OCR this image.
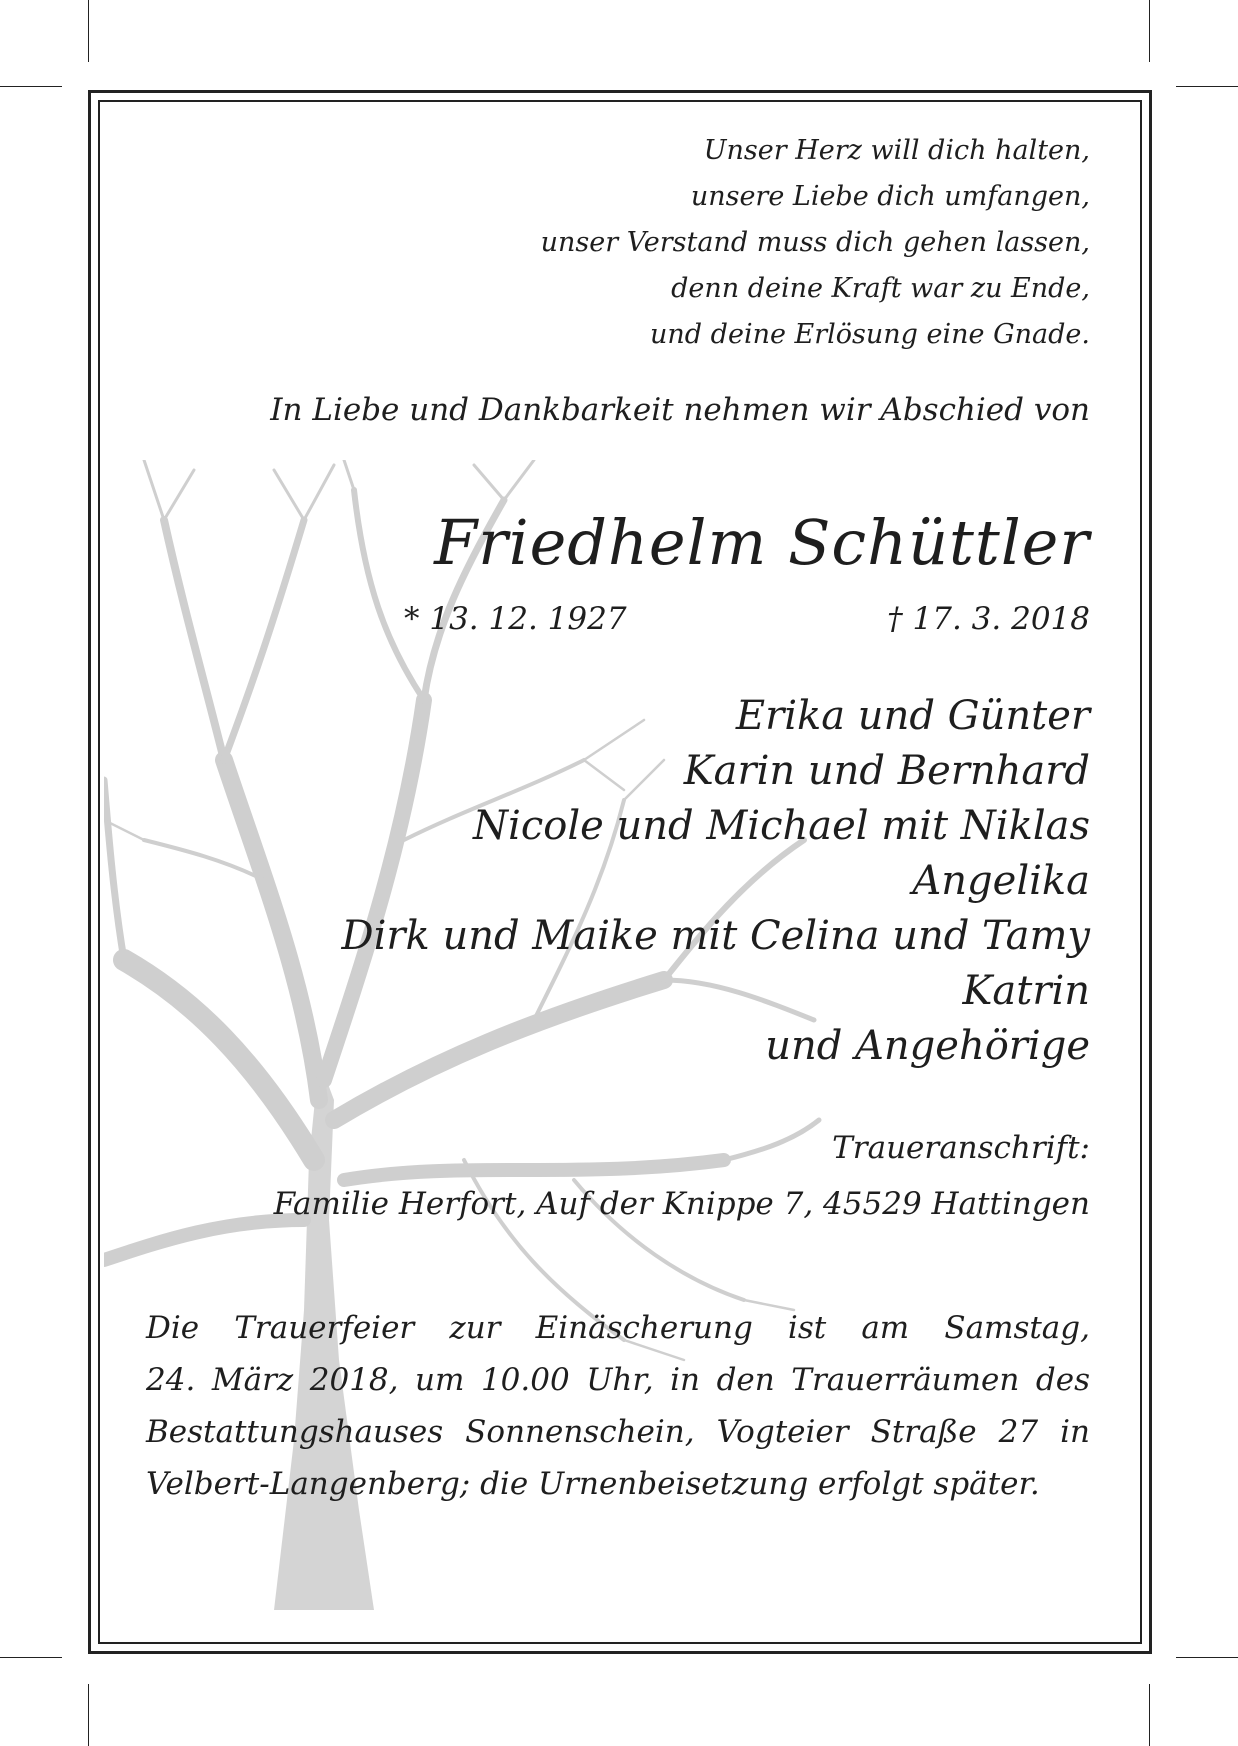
Unser Herz will dich halten,
unsere Liebe dich umfangen,
unser Verstand muss dich gehen lassen,
denn deine Kraft war zu Ende,
und deine Erlösung eine Gnade.
In Liebe und Dankbarkeit nehmen wir Abschied von
Friedhelm Schüttler
* 13. 12. 1927	† 17. 3. 2018
Erika und Günter
Karin und Bernhard
Nicole und Michael mit Niklas
Angelika
Dirk und Maike mit Celina und Tamy
Katrin
und Angehörige
Traueranschrift:
Familie Herfort, Auf der Knippe 7, 45529 Hattingen
Die Trauerfeier zur Einäscherung ist am Samstag,
24. März 2018, um 10.00 Uhr, in den Trauerräumen des
Bestattungshauses Sonnenschein, Vogteier Straße 27 in
Velbert-Langenberg; die Urnenbeisetzung erfolgt später.
